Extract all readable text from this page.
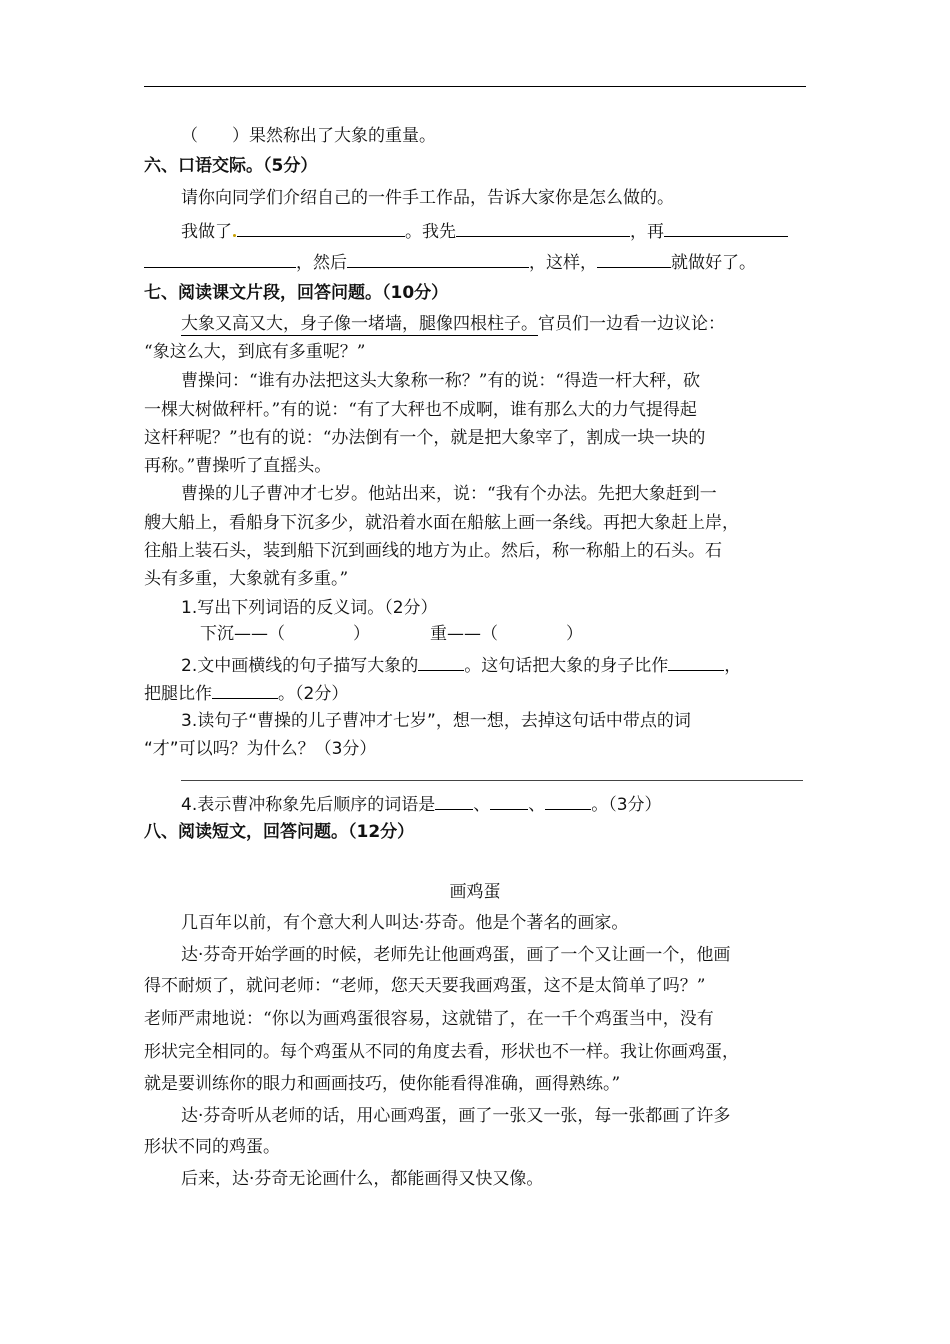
（　　）果然称出了大象的重量。
六、口语交际。（5分）
请你向同学们介绍自己的一件手工作品，告诉大家你是怎么做的。
我做了	。我先	，再
，然后	，这样，	就做好了。
七、阅读课文片段，回答问题。（10分）
大象又高又大，身子像一堵墙，腿像四根柱子。官员们一边看一边议论：
“象这么大，到底有多重呢？”
曹操问：“谁有办法把这头大象称一称？”有的说：“得造一杆大秤，砍
一棵大树做秤杆。”有的说：“有了大秤也不成啊，谁有那么大的力气提得起
这杆秤呢？”也有的说：“办法倒有一个，就是把大象宰了，割成一块一块的
再称。”曹操听了直摇头。
曹操的儿子曹冲才七岁。他站出来，说：“我有个办法。先把大象赶到一
艘大船上，看船身下沉多少，就沿着水面在船舷上画一条线。再把大象赶上岸，
往船上装石头，装到船下沉到画线的地方为止。然后，称一称船上的石头。石
头有多重，大象就有多重。”
1.写出下列词语的反义词。（2分）
下沉——（　　　　）	重——（　　　　）
2.文中画横线的句子描写大象的	。这句话把大象的身子比作	，
把腿比作	。（2分）
3.读句子“曹操的儿子曹冲才七岁”，想一想，去掉这句话中带点的词
“才”可以吗？为什么？（3分）
4.表示曹冲称象先后顺序的词语是 、 、	。（3分）
八、阅读短文，回答问题。（12分）
画鸡蛋
几百年以前，有个意大利人叫达·芬奇。他是个著名的画家。
达·芬奇开始学画的时候，老师先让他画鸡蛋，画了一个又让画一个，他画
得不耐烦了，就问老师：“老师，您天天要我画鸡蛋，这不是太简单了吗？”
老师严肃地说：“你以为画鸡蛋很容易，这就错了，在一千个鸡蛋当中，没有
形状完全相同的。每个鸡蛋从不同的角度去看，形状也不一样。我让你画鸡蛋，
就是要训练你的眼力和画画技巧，使你能看得准确，画得熟练。”
达·芬奇听从老师的话，用心画鸡蛋，画了一张又一张，每一张都画了许多
形状不同的鸡蛋。
后来，达·芬奇无论画什么，都能画得又快又像。
